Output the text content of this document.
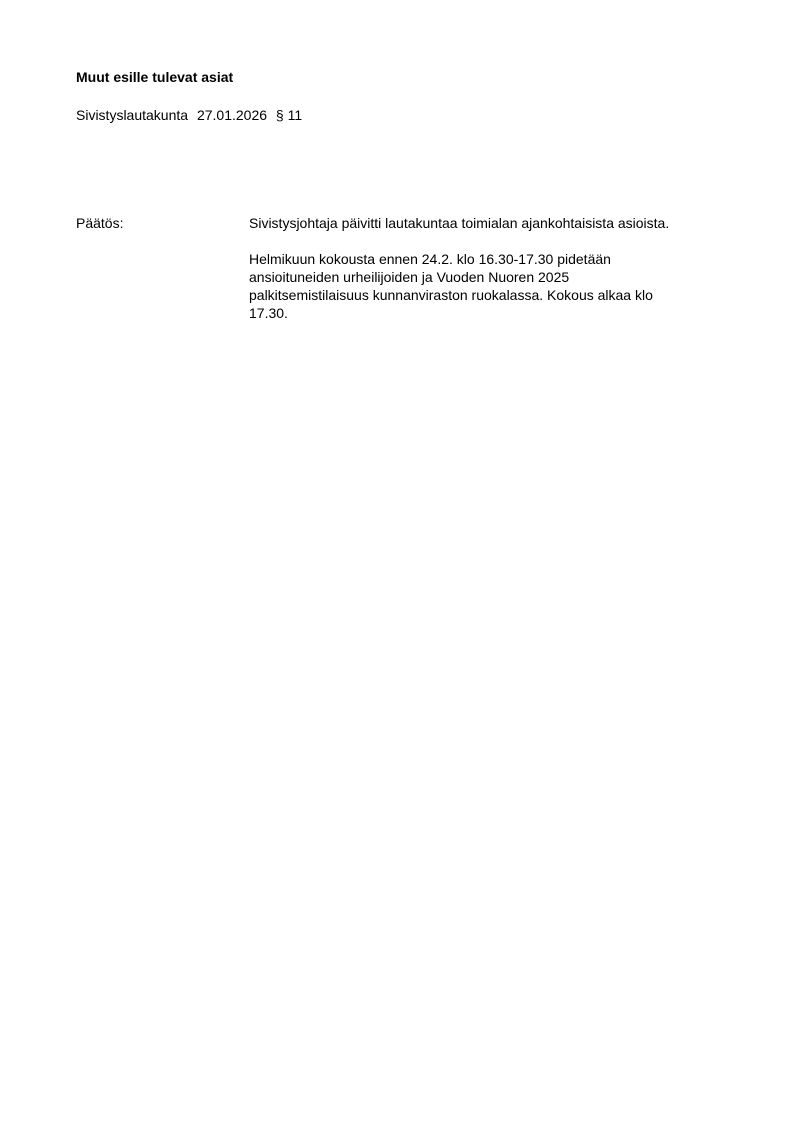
Muut esille tulevat asiat
Sivistyslautakunta 27.01.2026 § 11
Päätös:	Sivistysjohtaja päivitti lautakuntaa toimialan ajankohtaisista asioista.

Helmikuun kokousta ennen 24.2. klo 16.30-17.30 pidetään
ansioituneiden urheilijoiden ja Vuoden Nuoren 2025
palkitsemistilaisuus kunnanviraston ruokalassa. Kokous alkaa klo
17.30.
